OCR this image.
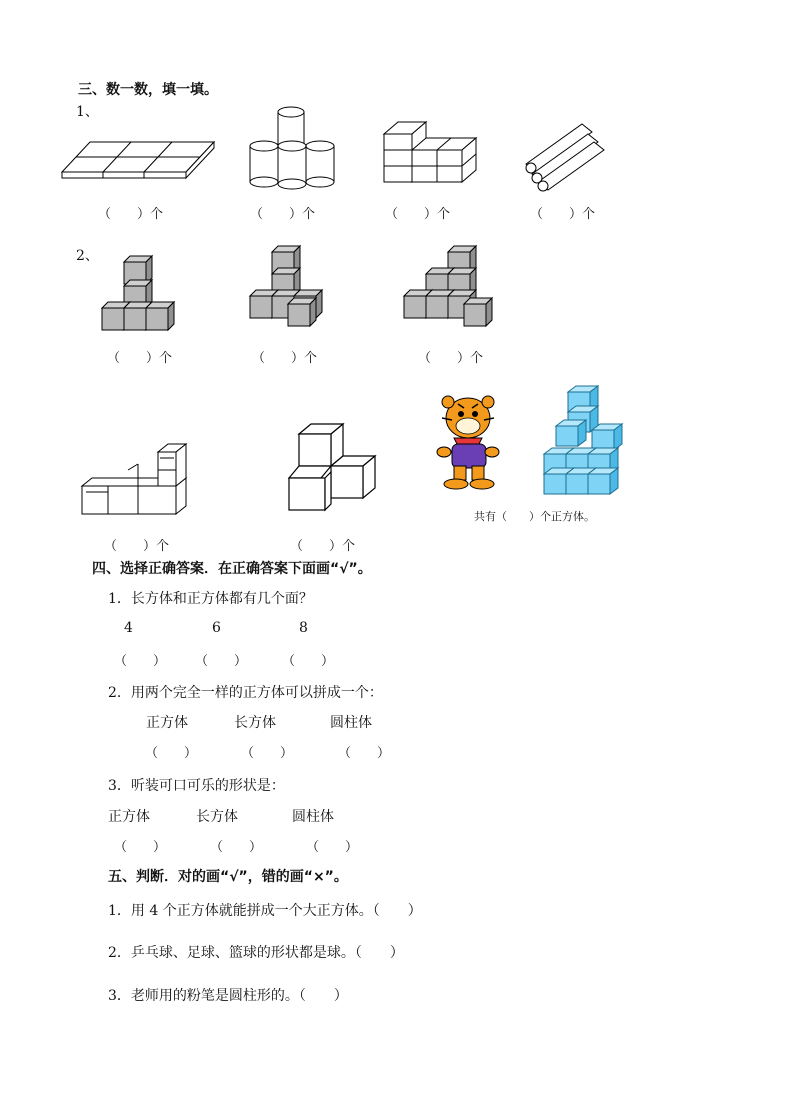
三、数一数，填一填。
1、
（　　）个	（　　）个	（　　）个	（　　）个
2、
（　　）个	（　　）个	（　　）个
共有（　　）个正方体。
（　　）个	（　　）个
四、选择正确答案．在正确答案下面画“√”。
1．长方体和正方体都有几个面？
4	6	8
（　　） （　　）	（　　）
2．用两个完全一样的正方体可以拼成一个：
正方体	长方体	圆柱体
（　　）	（　　）	（　　）
3．听装可口可乐的形状是：
正方体	长方体	圆柱体
（　　）	（　　）	（　　）
五、判断．对的画“√”，错的画“×”。
1．用 4 个正方体就能拼成一个大正方体。（　　）
2．乒乓球、足球、篮球的形状都是球。（　　）
3．老师用的粉笔是圆柱形的。（　　）
